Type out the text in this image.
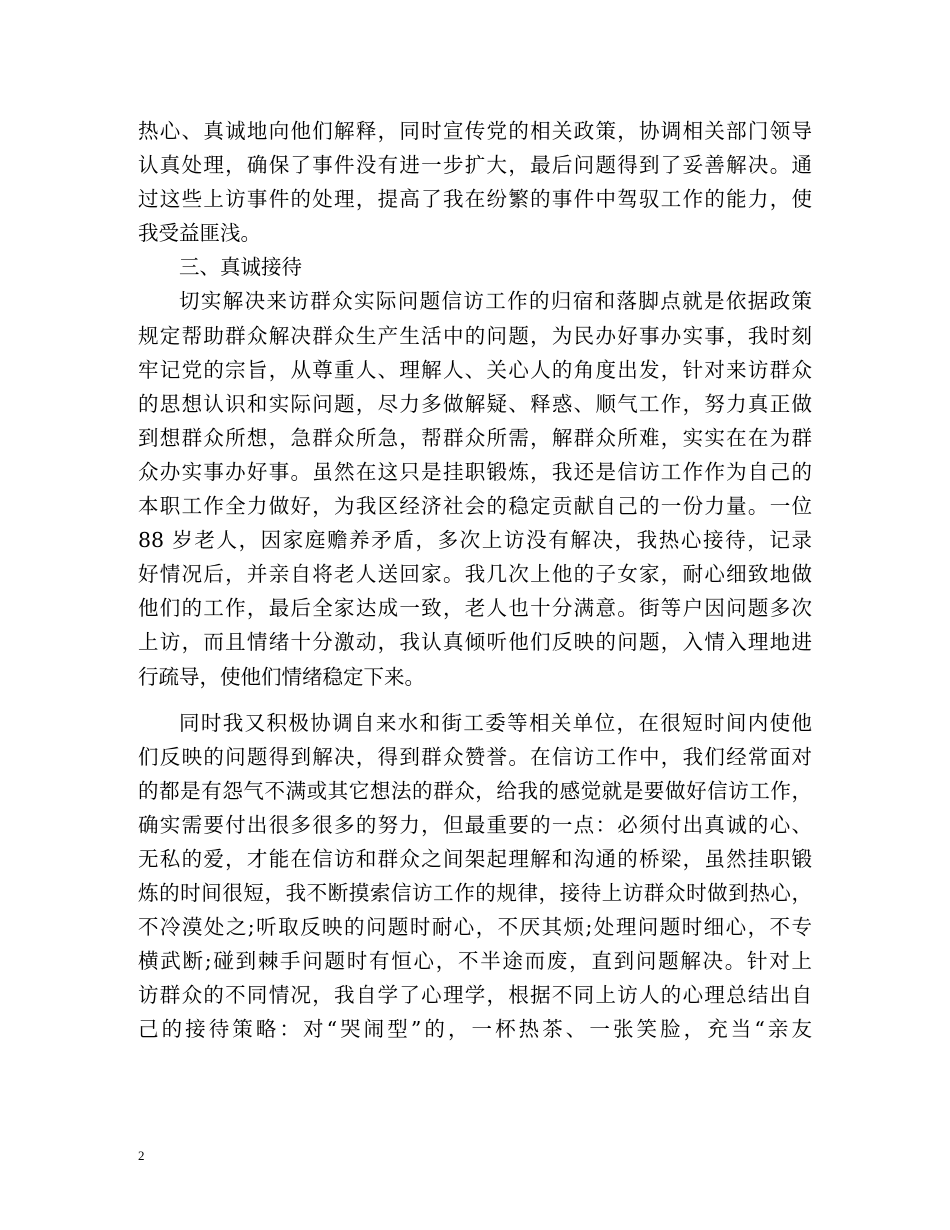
热心、真诚地向他们解释，同时宣传党的相关政策，协调相关部门领导
认真处理，确保了事件没有进一步扩大，最后问题得到了妥善解决。通
过这些上访事件的处理，提高了我在纷繁的事件中驾驭工作的能力，使
我受益匪浅。
三、真诚接待
切实解决来访群众实际问题信访工作的归宿和落脚点就是依据政策
规定帮助群众解决群众生产生活中的问题，为民办好事办实事，我时刻
牢记党的宗旨，从尊重人、理解人、关心人的角度出发，针对来访群众
的思想认识和实际问题，尽力多做解疑、释惑、顺气工作，努力真正做
到想群众所想，急群众所急，帮群众所需，解群众所难，实实在在为群
众办实事办好事。虽然在这只是挂职锻炼，我还是信访工作作为自己的
本职工作全力做好，为我区经济社会的稳定贡献自己的一份力量。一位
88 岁老人，因家庭赡养矛盾，多次上访没有解决，我热心接待，记录
好情况后，并亲自将老人送回家。我几次上他的子女家，耐心细致地做
他们的工作，最后全家达成一致，老人也十分满意。街等户因问题多次
上访，而且情绪十分激动，我认真倾听他们反映的问题，入情入理地进
行疏导，使他们情绪稳定下来。
同时我又积极协调自来水和街工委等相关单位，在很短时间内使他
们反映的问题得到解决，得到群众赞誉。在信访工作中，我们经常面对
的都是有怨气不满或其它想法的群众，给我的感觉就是要做好信访工作，
确实需要付出很多很多的努力，但最重要的一点：必须付出真诚的心、
无私的爱，才能在信访和群众之间架起理解和沟通的桥梁，虽然挂职锻
炼的时间很短，我不断摸索信访工作的规律，接待上访群众时做到热心，
不冷漠处之;听取反映的问题时耐心，不厌其烦;处理问题时细心，不专
横武断;碰到棘手问题时有恒心，不半途而废，直到问题解决。针对上
访群众的不同情况，我自学了心理学，根据不同上访人的心理总结出自
己的接待策略：对“哭闹型”的，一杯热茶、一张笑脸，充当“亲友
2
